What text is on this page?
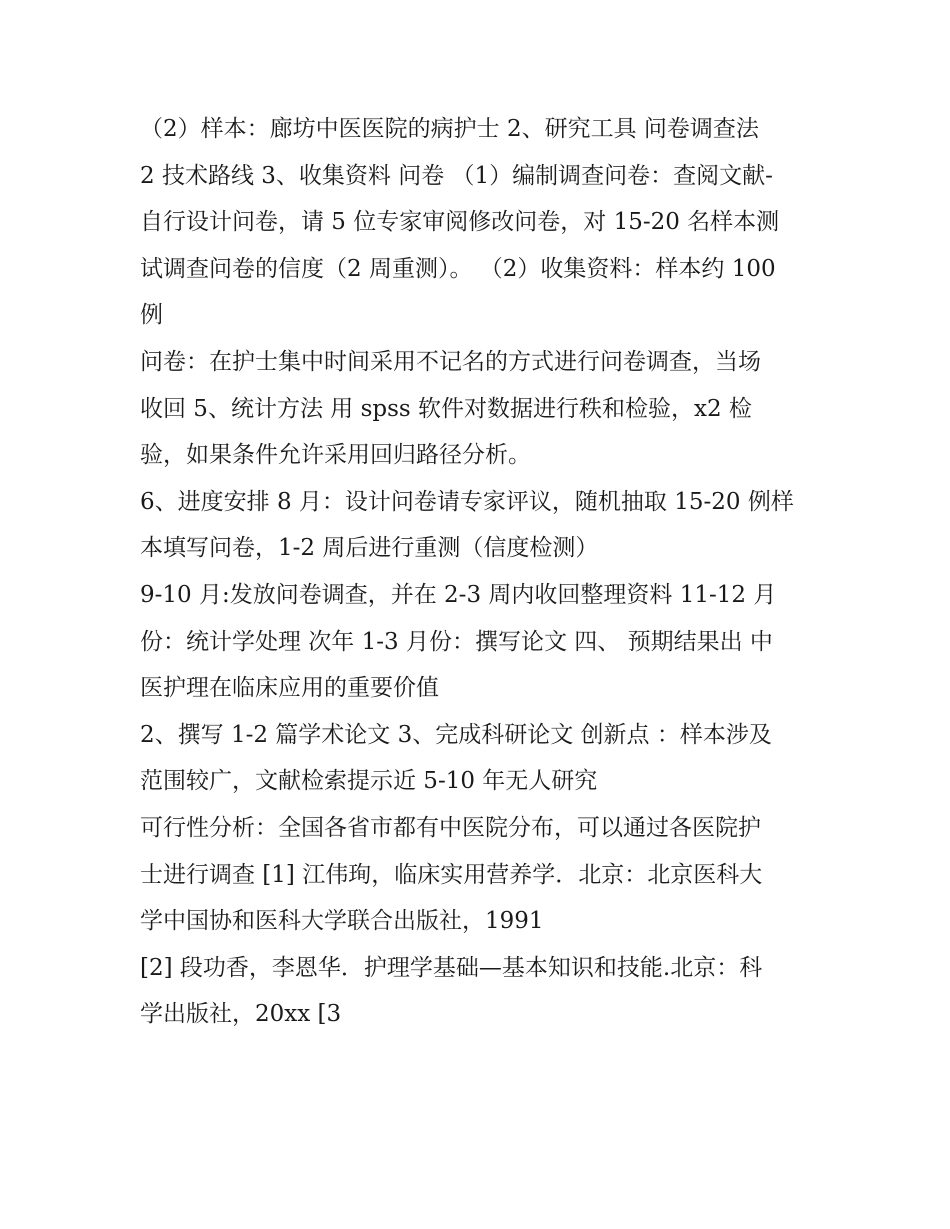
（2）样本：廊坊中医医院的病护士 2、研究工具 问卷调查法
2 技术路线 3、收集资料 问卷 （1）编制调查问卷：查阅文献-
自行设计问卷，请 5 位专家审阅修改问卷，对 15-20 名样本测
试调查问卷的信度（2 周重测）。 （2）收集资料：样本约 100
例
问卷：在护士集中时间采用不记名的方式进行问卷调查，当场
收回 5、统计方法 用 spss 软件对数据进行秩和检验，x2 检
验，如果条件允许采用回归路径分析。
6、进度安排 8 月：设计问卷请专家评议，随机抽取 15-20 例样
本填写问卷，1-2 周后进行重测（信度检测）
9-10 月:发放问卷调查，并在 2-3 周内收回整理资料 11-12 月
份：统计学处理 次年 1-3 月份：撰写论文 四、 预期结果出 中
医护理在临床应用的重要价值
2、撰写 1-2 篇学术论文 3、完成科研论文 创新点 ：样本涉及
范围较广，文献检索提示近 5-10 年无人研究
可行性分析：全国各省市都有中医院分布，可以通过各医院护
士进行调查 [1] 江伟珣，临床实用营养学．北京：北京医科大
学中国协和医科大学联合出版社，1991
[2] 段功香，李恩华．护理学基础—基本知识和技能.北京：科
学出版社，20xx [3
